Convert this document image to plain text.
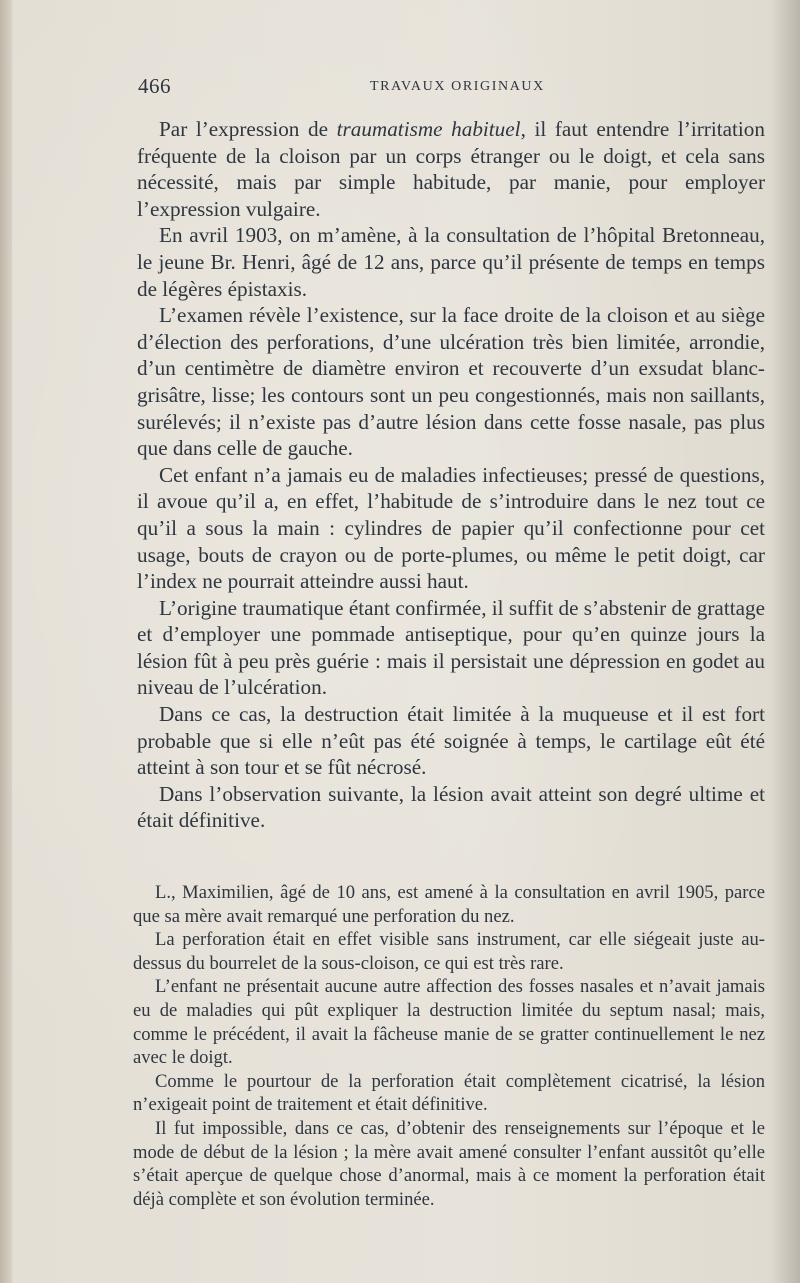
466	TRAVAUX ORIGINAUX

Par l’expression de traumatisme habituel, il faut entendre l’irritation fréquente de la cloison par un corps étranger ou le doigt, et cela sans nécessité, mais par simple habitude, par manie, pour employer l’expression vulgaire.

En avril 1903, on m’amène, à la consultation de l’hôpital Bretonneau, le jeune Br. Henri, âgé de 12 ans, parce qu’il présente de temps en temps de légères épistaxis.

L’examen révèle l’existence, sur la face droite de la cloison et au siège d’élection des perforations, d’une ulcération très bien limitée, arrondie, d’un centimètre de diamètre environ et recouverte d’un exsudat blanc-grisâtre, lisse; les contours sont un peu congestionnés, mais non saillants, surélevés; il n’existe pas d’autre lésion dans cette fosse nasale, pas plus que dans celle de gauche.

Cet enfant n’a jamais eu de maladies infectieuses; pressé de questions, il avoue qu’il a, en effet, l’habitude de s’introduire dans le nez tout ce qu’il a sous la main : cylindres de papier qu’il confectionne pour cet usage, bouts de crayon ou de porte-plumes, ou même le petit doigt, car l’index ne pourrait atteindre aussi haut.

L’origine traumatique étant confirmée, il suffit de s’abstenir de grattage et d’employer une pommade antiseptique, pour qu’en quinze jours la lésion fût à peu près guérie : mais il persistait une dépression en godet au niveau de l’ulcération.

Dans ce cas, la destruction était limitée à la muqueuse et il est fort probable que si elle n’eût pas été soignée à temps, le cartilage eût été atteint à son tour et se fût nécrosé.

Dans l’observation suivante, la lésion avait atteint son degré ultime et était définitive.

L., Maximilien, âgé de 10 ans, est amené à la consultation en avril 1905, parce que sa mère avait remarqué une perforation du nez.

La perforation était en effet visible sans instrument, car elle siégeait juste au-dessus du bourrelet de la sous-cloison, ce qui est très rare.

L’enfant ne présentait aucune autre affection des fosses nasales et n’avait jamais eu de maladies qui pût expliquer la destruction limitée du septum nasal; mais, comme le précédent, il avait la fâcheuse manie de se gratter continuellement le nez avec le doigt.

Comme le pourtour de la perforation était complètement cicatrisé, la lésion n’exigeait point de traitement et était définitive.

Il fut impossible, dans ce cas, d’obtenir des renseignements sur l’époque et le mode de début de la lésion ; la mère avait amené consulter l’enfant aussitôt qu’elle s’était aperçue de quelque chose d’anormal, mais à ce moment la perforation était déjà complète et son évolution terminée.
